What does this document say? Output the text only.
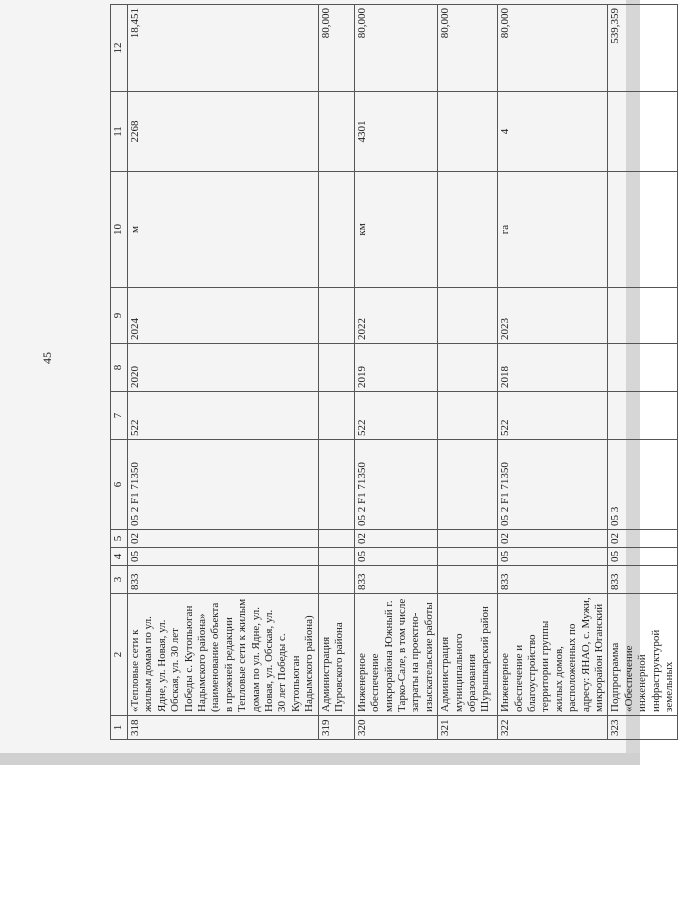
45
1	2	3	4	5	6	7	8	9	10	11	12
318	«Тепловые сети к жилым домам по ул. Ядне, ул. Новая, ул. Обская, ул. 30 лет Победы с. Кутопьюган Надымского района» (наименование объекта в прежней редакции Тепловые сети к жилым домам по ул. Ядне, ул. Новая, ул. Обская, ул. 30 лет Победы с. Кутопьюган Надымского района)	833	05	02	05 2 F1 71350	522	2020	2024	м	2268	18,451
319	Администрация Пуровского района										80,000
320	Инженерное обеспечение микрорайона Южный г. Тарко-Сале, в том числе затраты на проектно-изыскательские работы	833	05	02	05 2 F1 71350	522	2019	2022	км	4301	80,000
321	Администрация муниципального образования Шурышкарский район										80,000
322	Инженерное обеспечение и благоустройство территории группы жилых домов, расположенных по адресу: ЯНАО, с. Мужи, микрорайон Юганский	833	05	02	05 2 F1 71350	522	2018	2023	га	4	80,000
323	Подпрограмма «Обеспечение инженерной инфраструктурой земельных	833	05	02	05 3						539,359
